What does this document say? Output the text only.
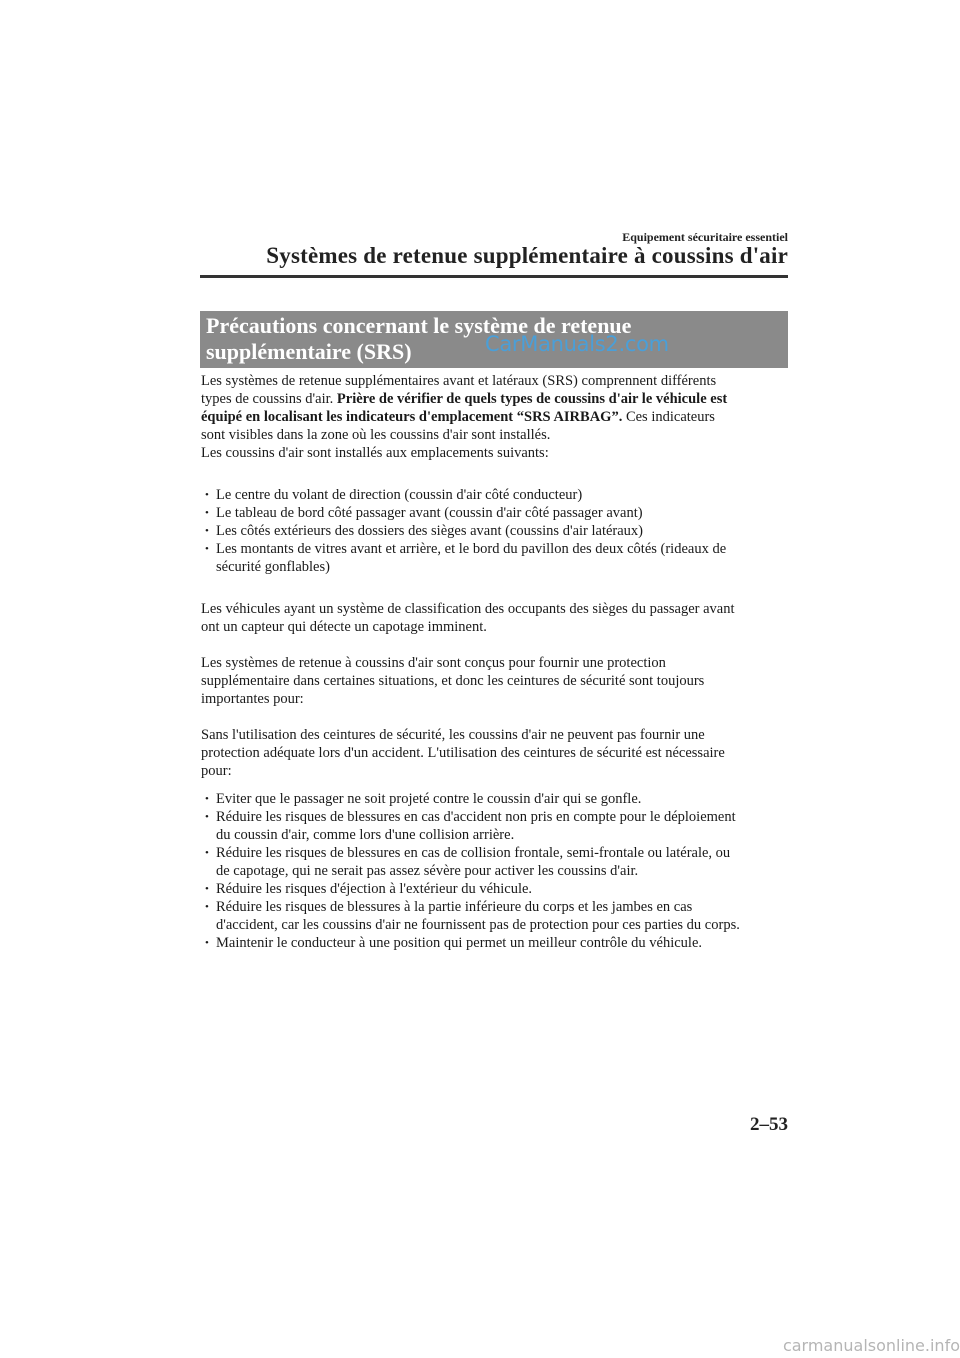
Equipement sécuritaire essentiel
Systèmes de retenue supplémentaire à coussins d'air
Précautions concernant le système de retenue
supplémentaire (SRS)	CarManuals2.com

Les systèmes de retenue supplémentaires avant et latéraux (SRS) comprennent différents
types de coussins d'air. Prière de vérifier de quels types de coussins d'air le véhicule est
équipé en localisant les indicateurs d'emplacement “SRS AIRBAG”. Ces indicateurs
sont visibles dans la zone où les coussins d'air sont installés.
Les coussins d'air sont installés aux emplacements suivants:

• Le centre du volant de direction (coussin d'air côté conducteur)
• Le tableau de bord côté passager avant (coussin d'air côté passager avant)
• Les côtés extérieurs des dossiers des sièges avant (coussins d'air latéraux)
• Les montants de vitres avant et arrière, et le bord du pavillon des deux côtés (rideaux de
sécurité gonflables)

Les véhicules ayant un système de classification des occupants des sièges du passager avant
ont un capteur qui détecte un capotage imminent.

Les systèmes de retenue à coussins d'air sont conçus pour fournir une protection
supplémentaire dans certaines situations, et donc les ceintures de sécurité sont toujours
importantes pour:

Sans l'utilisation des ceintures de sécurité, les coussins d'air ne peuvent pas fournir une
protection adéquate lors d'un accident. L'utilisation des ceintures de sécurité est nécessaire
pour:

• Eviter que le passager ne soit projeté contre le coussin d'air qui se gonfle.
• Réduire les risques de blessures en cas d'accident non pris en compte pour le déploiement
du coussin d'air, comme lors d'une collision arrière.
• Réduire les risques de blessures en cas de collision frontale, semi-frontale ou latérale, ou
de capotage, qui ne serait pas assez sévère pour activer les coussins d'air.
• Réduire les risques d'éjection à l'extérieur du véhicule.
• Réduire les risques de blessures à la partie inférieure du corps et les jambes en cas
d'accident, car les coussins d'air ne fournissent pas de protection pour ces parties du corps.
• Maintenir le conducteur à une position qui permet un meilleur contrôle du véhicule.
2–53
carmanualsonline.info
